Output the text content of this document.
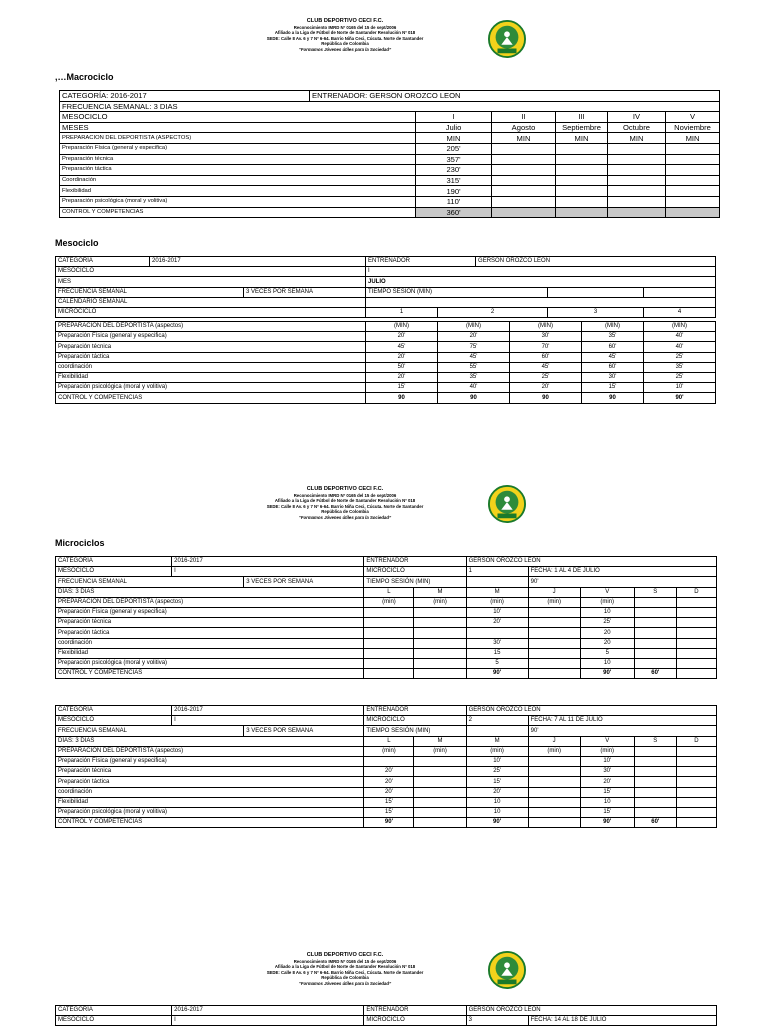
CLUB DEPORTIVO CECI F.C.
Reconocimiento IMRD Nº 0165 del 15 de sept/2006
Afiliado a la Liga de Fútbol de Norte de Santander Resolución Nº 018
SEDE: Calle 8 Av. 6 y 7 Nº 6-64. Barrio Niña Ceci, Cúcuta. Norte de Santander
República de Colombia
“Formamos Jóvenes útiles para la Sociedad”
,…Macrociclo
CATEGORÍA: 2016-2017	ENTRENADOR: GERSON OROZCO LEON					
FRECUENCIA SEMANAL: 3 DIAS						
MESOCICLO		I	II	III	IV	V
MESES		Julio	Agosto	Septiembre	Octubre	Noviembre
PREPARACION DEL DEPORTISTA (ASPECTOS)		MIN	MIN	MIN	MIN	MIN
Preparación Física (general y especifica)		205'				
Preparación técnica		357'				
Preparación táctica		230'				
Coordinación		315'				
Flexibilidad		190'				
Preparación psicológica (moral y volitiva)		110'				
CONTROL Y COMPETENCIAS		360'				
Mesociclo
CATEGORÍA	2016-2017		ENTRENADOR		GERSON OROZCO LEON		
MESOCICLO			I				
MES			JULIO				
FRECUENCIA SEMANAL		3 VECES POR SEMANA	TIEMPO SESIÓN (MIN)				
CALENDARIO SEMANAL							
MICROCICLO			1	2		3	4
PREPARACIÓN DEL DEPORTISTA (aspectos)	(MIN)	(MIN)	(MIN)	(MIN)	(MIN)
Preparación Física (general y especifica)	20'	20'	30'	35'	40'
Preparación técnica	45'	75'	70'	60'	40'
Preparación táctica	20'	45'	60'	45'	25'
coordinación	50'	55'	45'	60'	35'
Flexibilidad	20'	35'	25'	30'	25'
Preparación psicológica (moral y volitiva)	15'	40'	20'	15'	10'
CONTROL Y COMPETENCIAS	90	90	90	90	90'
CLUB DEPORTIVO CECI F.C.
Reconocimiento IMRD Nº 0165 del 15 de sept/2006
Afiliado a la Liga de Fútbol de Norte de Santander Resolución Nº 018
SEDE: Calle 8 Av. 6 y 7 Nº 6-64. Barrio Niña Ceci, Cúcuta. Norte de Santander
República de Colombia
“Formamos Jóvenes útiles para la Sociedad”
Microciclos
CATEGORÍA	2016-2017		ENTRENADOR		GERSON OROZCO LEON				
MESOCICLO	I		MICROCICLO		1	FECHA: 1 AL 4 DE JULIO			
FRECUENCIA SEMANAL		3 VECES POR SEMANA	TIEMPO SESIÓN (MIN)			90'			
DÍAS: 3 DIAS			L	M	M	J	V	S	D
PREPARACIÓN DEL DEPORTISTA (aspectos)			(min)	(min)	(min)	(min)	(min)		
Preparación Física (general y especifica)					10'		10		
Preparación técnica					20'		25'		
Preparación táctica							20		
coordinación					30'		20		
Flexibilidad					15		5		
Preparación psicológica (moral y volitiva)					5		10		
CONTROL Y COMPETENCIAS					90'		90'	60'	
CATEGORÍA	2016-2017		ENTRENADOR		GERSON OROZCO LEON				
MESOCICLO	I		MICROCICLO		2	FECHA: 7 AL 11 DE JULIO			
FRECUENCIA SEMANAL		3 VECES POR SEMANA	TIEMPO SESIÓN (MIN)			90'			
DÍAS: 3 DIAS			L	M	M	J	V	S	D
PREPARACIÓN DEL DEPORTISTA (aspectos)			(min)	(min)	(min)	(min)	(min)		
Preparación Física (general y especifica)					10'		10'		
Preparación técnica			20'		25'		30'		
Preparación táctica			20'		15'		20'		
coordinación			20'		20'		15'		
Flexibilidad			15'		10		10		
Preparación psicológica (moral y volitiva)			15'		10		15'		
CONTROL Y COMPETENCIAS			90'		90'		90'	60'	
CLUB DEPORTIVO CECI F.C.
Reconocimiento IMRD Nº 0165 del 15 de sept/2006
Afiliado a la Liga de Fútbol de Norte de Santander Resolución Nº 018
SEDE: Calle 8 Av. 6 y 7 Nº 6-64. Barrio Niña Ceci, Cúcuta. Norte de Santander
República de Colombia
“Formamos Jóvenes útiles para la Sociedad”
CATEGORÍA	2016-2017	ENTRENADOR	GERSON OROZCO LEON	
MESOCICLO	I	MICROCICLO	3	FECHA: 14 AL 18 DE JULIO
